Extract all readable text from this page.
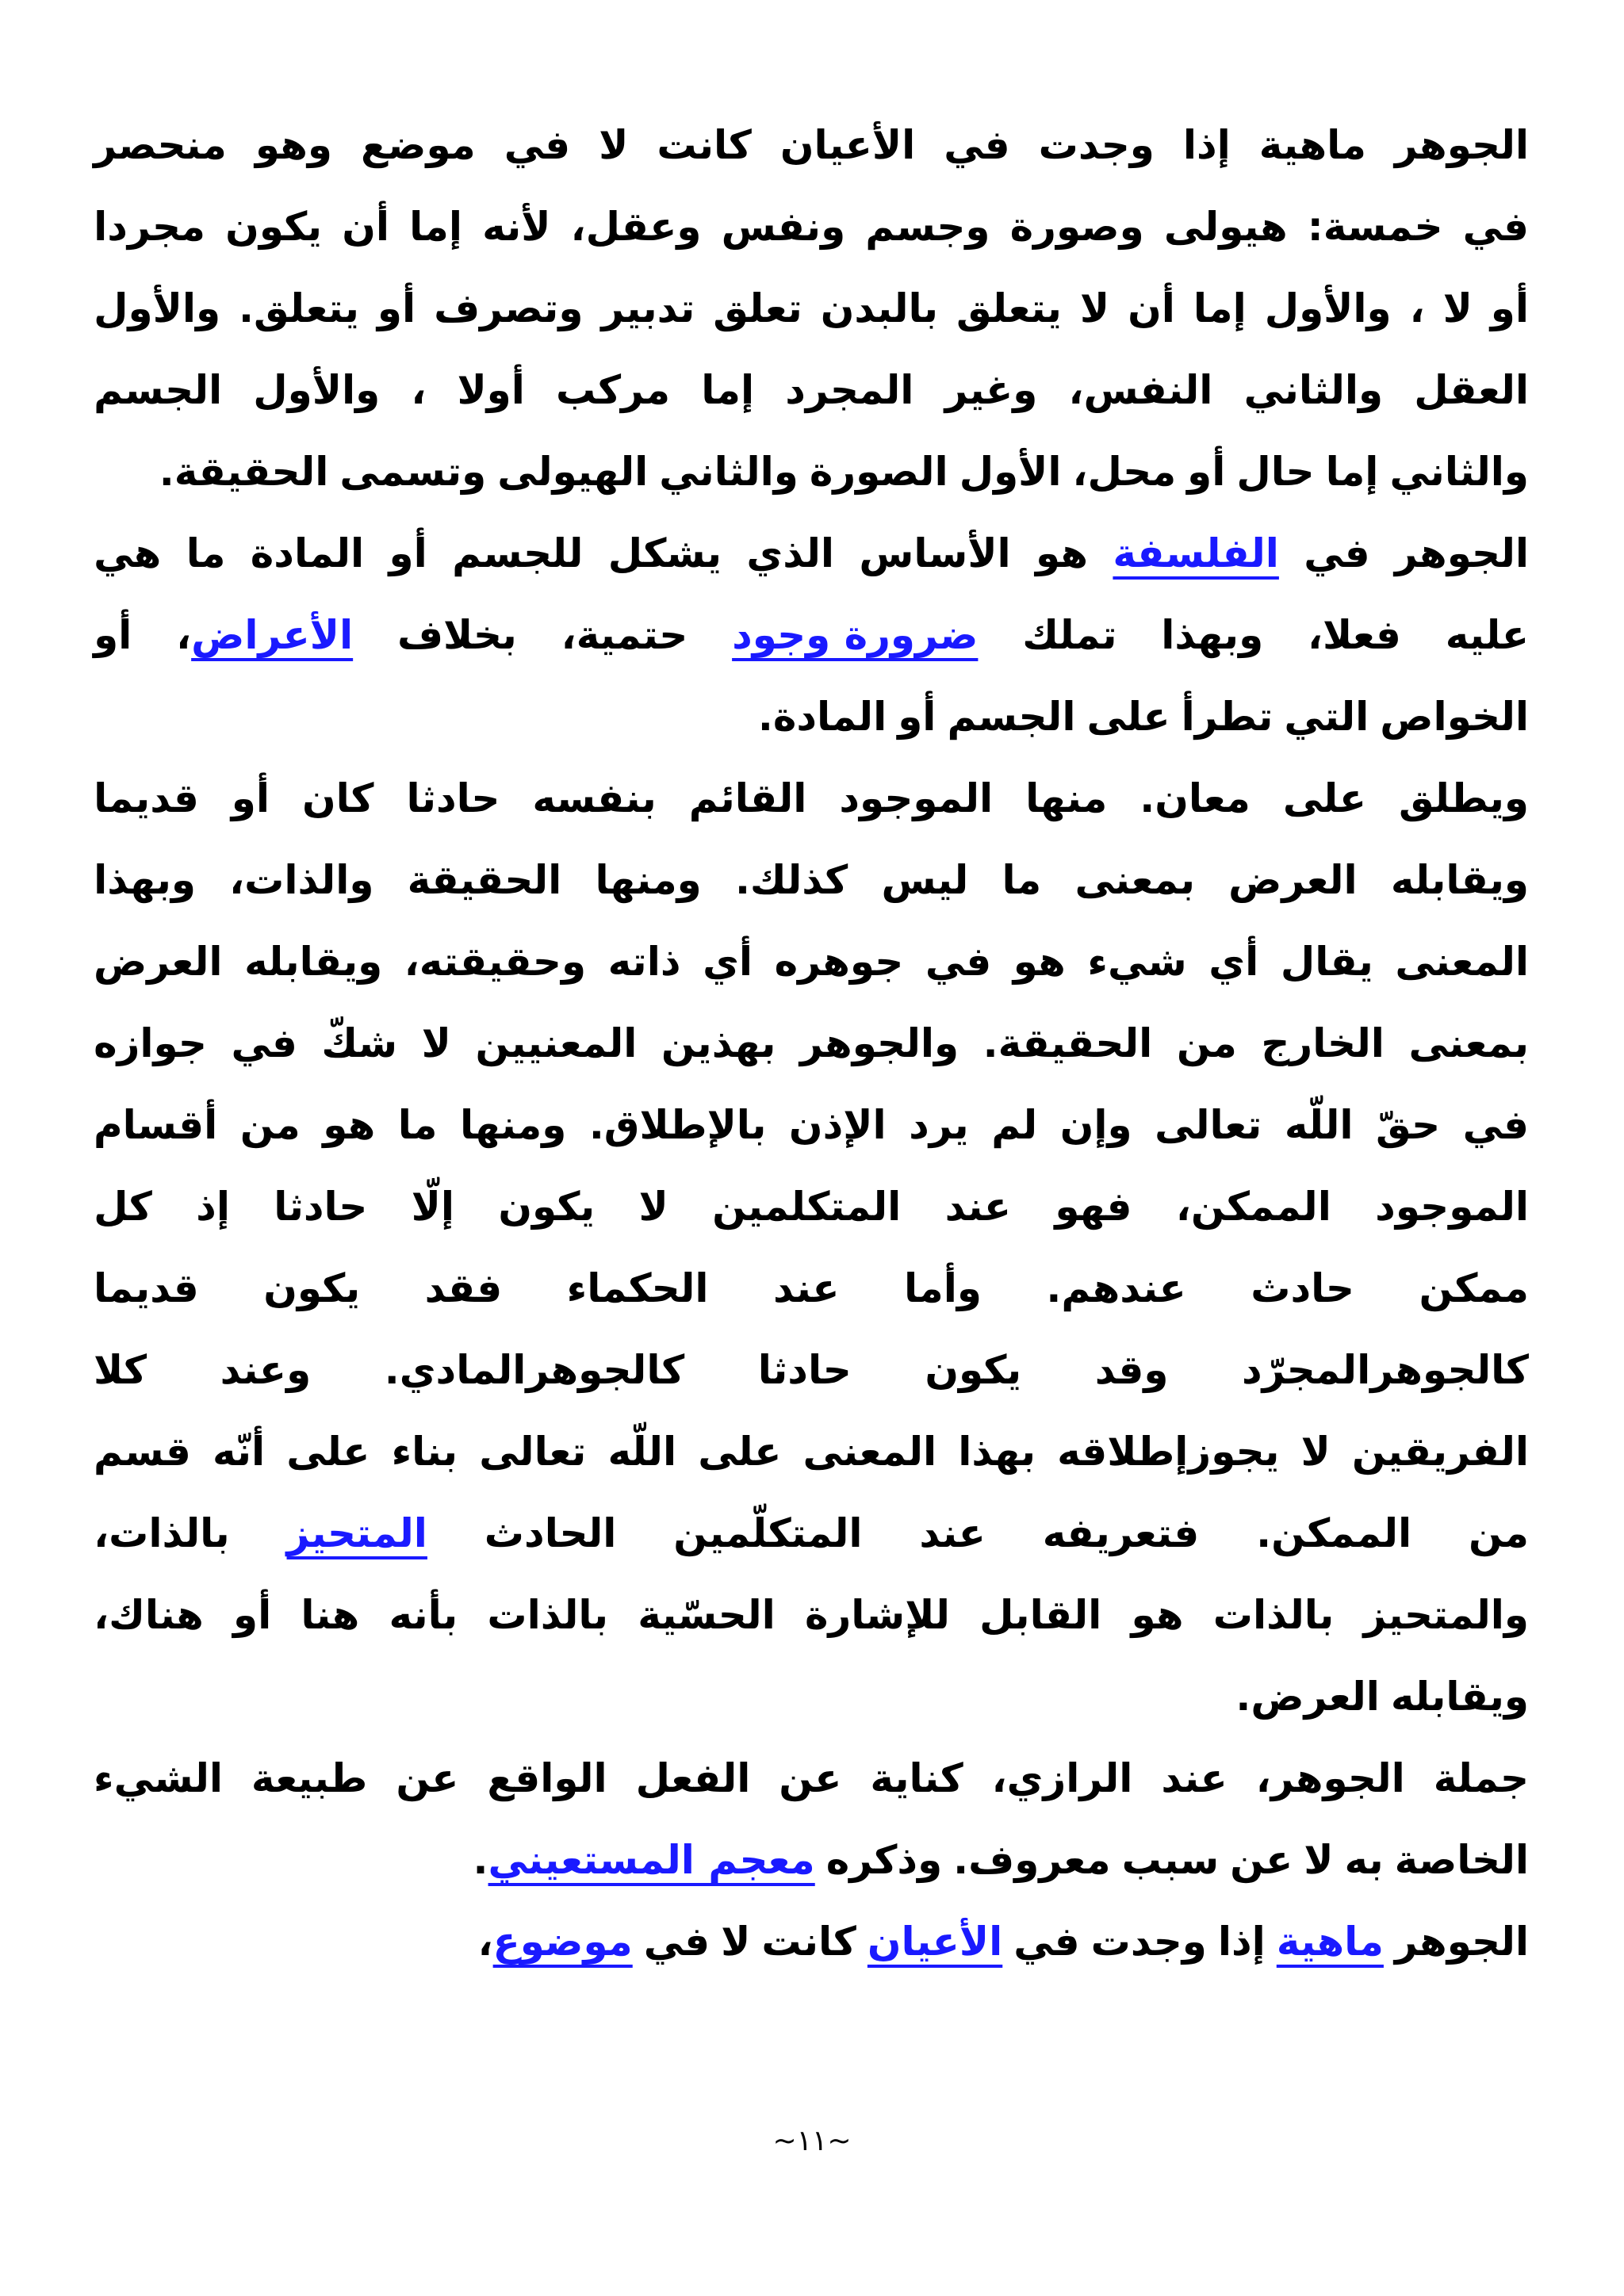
الجوهر
ماهية
إذا
وجدت
في
الأعيان
كانت
لا
في
موضع
وهو
منحصر
في
خمسة:
هيولى
وصورة
وجسم
ونفس
وعقل،
لأنه
إما
أن
يكون
مجردا
أو
لا
،
والأول
إما
أن
لا
يتعلق
بالبدن
تعلق
تدبير
وتصرف
أو
يتعلق.
والأول
العقل
والثاني
النفس،
وغير
المجرد
إما
مركب
أولا
،
والأول
الجسم
والثاني
إما
حال
أو
محل،
الأول
الصورة
والثاني
الهيولى
وتسمى
الحقيقة.
الجوهر
في
الفلسفة
هو
الأساس
الذي
يشكل
للجسم
أو
المادة
ما
هي
عليه
فعلا،
وبهذا
تملك
ضرورة وجود
حتمية،
بخلاف
الأعراض،
أو
الخواص
التي
تطرأ
على
الجسم
أو
المادة.
ويطلق
على
معان.
منها
الموجود
القائم
بنفسه
حادثا
كان
أو
قديما
ويقابله
العرض
بمعنى
ما
ليس
كذلك.
ومنها
الحقيقة
والذات،
وبهذا
المعنى
يقال
أي
شيء
هو
في
جوهره
أي
ذاته
وحقيقته،
ويقابله
العرض
بمعنى
الخارج
من
الحقيقة.
والجوهر
بهذين
المعنيين
لا
شكّ
في
جوازه
في
حقّ
اللّه
تعالى
وإن
لم
يرد
الإذن
بالإطلاق.
ومنها
ما
هو
من
أقسام
الموجود
الممكن،
فهو
عند
المتكلمين
لا
يكون
إلّا
حادثا
إذ
كل
ممكن
حادث
عندهم.
وأما
عند
الحكماء
فقد
يكون
قديما
كالجوهرالمجرّد
وقد
يكون
حادثا
كالجوهرالمادي.
وعند
كلا
الفريقين
لا
يجوزإطلاقه
بهذا
المعنى
على
اللّه
تعالى
بناء
على
أنّه
قسم
من
الممكن.
فتعريفه
عند
المتكلّمين
الحادث
المتحيز
بالذات،
والمتحيز
بالذات
هو
القابل
للإشارة
الحسّية
بالذات
بأنه
هنا
أو
هناك،
ويقابله
العرض.
جملة
الجوهر،
عند
الرازي،
كناية
عن
الفعل
الواقع
عن
طبيعة
الشيء
الخاصة
به
لا
عن
سبب
معروف.
وذكره
معجم المستعيني.
الجوهر
ماهية
إذا
وجدت
في
الأعيان
كانت
لا
في
موضوع،
~١١~
